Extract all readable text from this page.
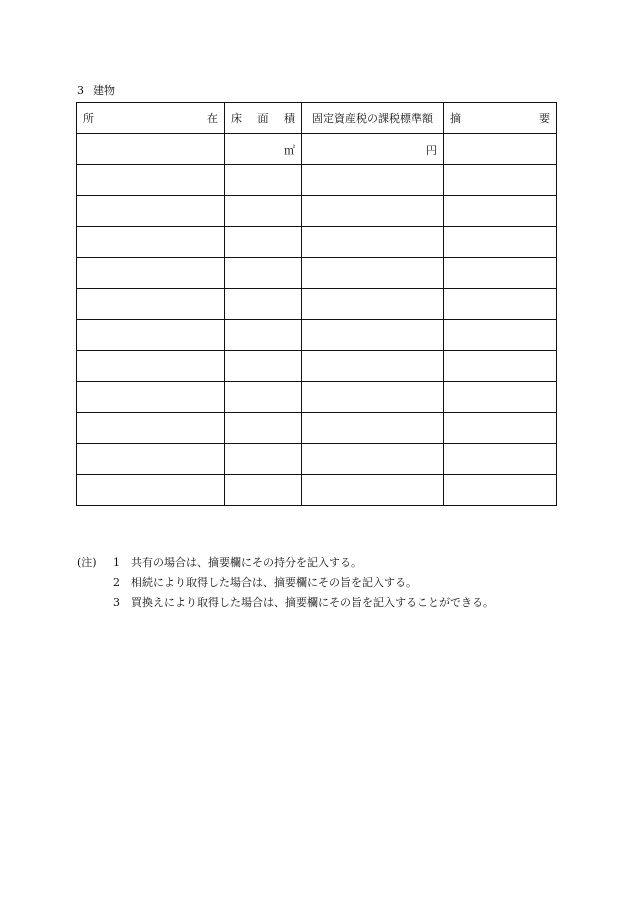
3 建物
所 在	床 面 積	固定資産税の課税標準額	摘 要

	㎡	円	

(注)	1	共有の場合は、摘要欄にその持分を記入する。
2	相続により取得した場合は、摘要欄にその旨を記入する。
3	買換えにより取得した場合は、摘要欄にその旨を記入することができる。
